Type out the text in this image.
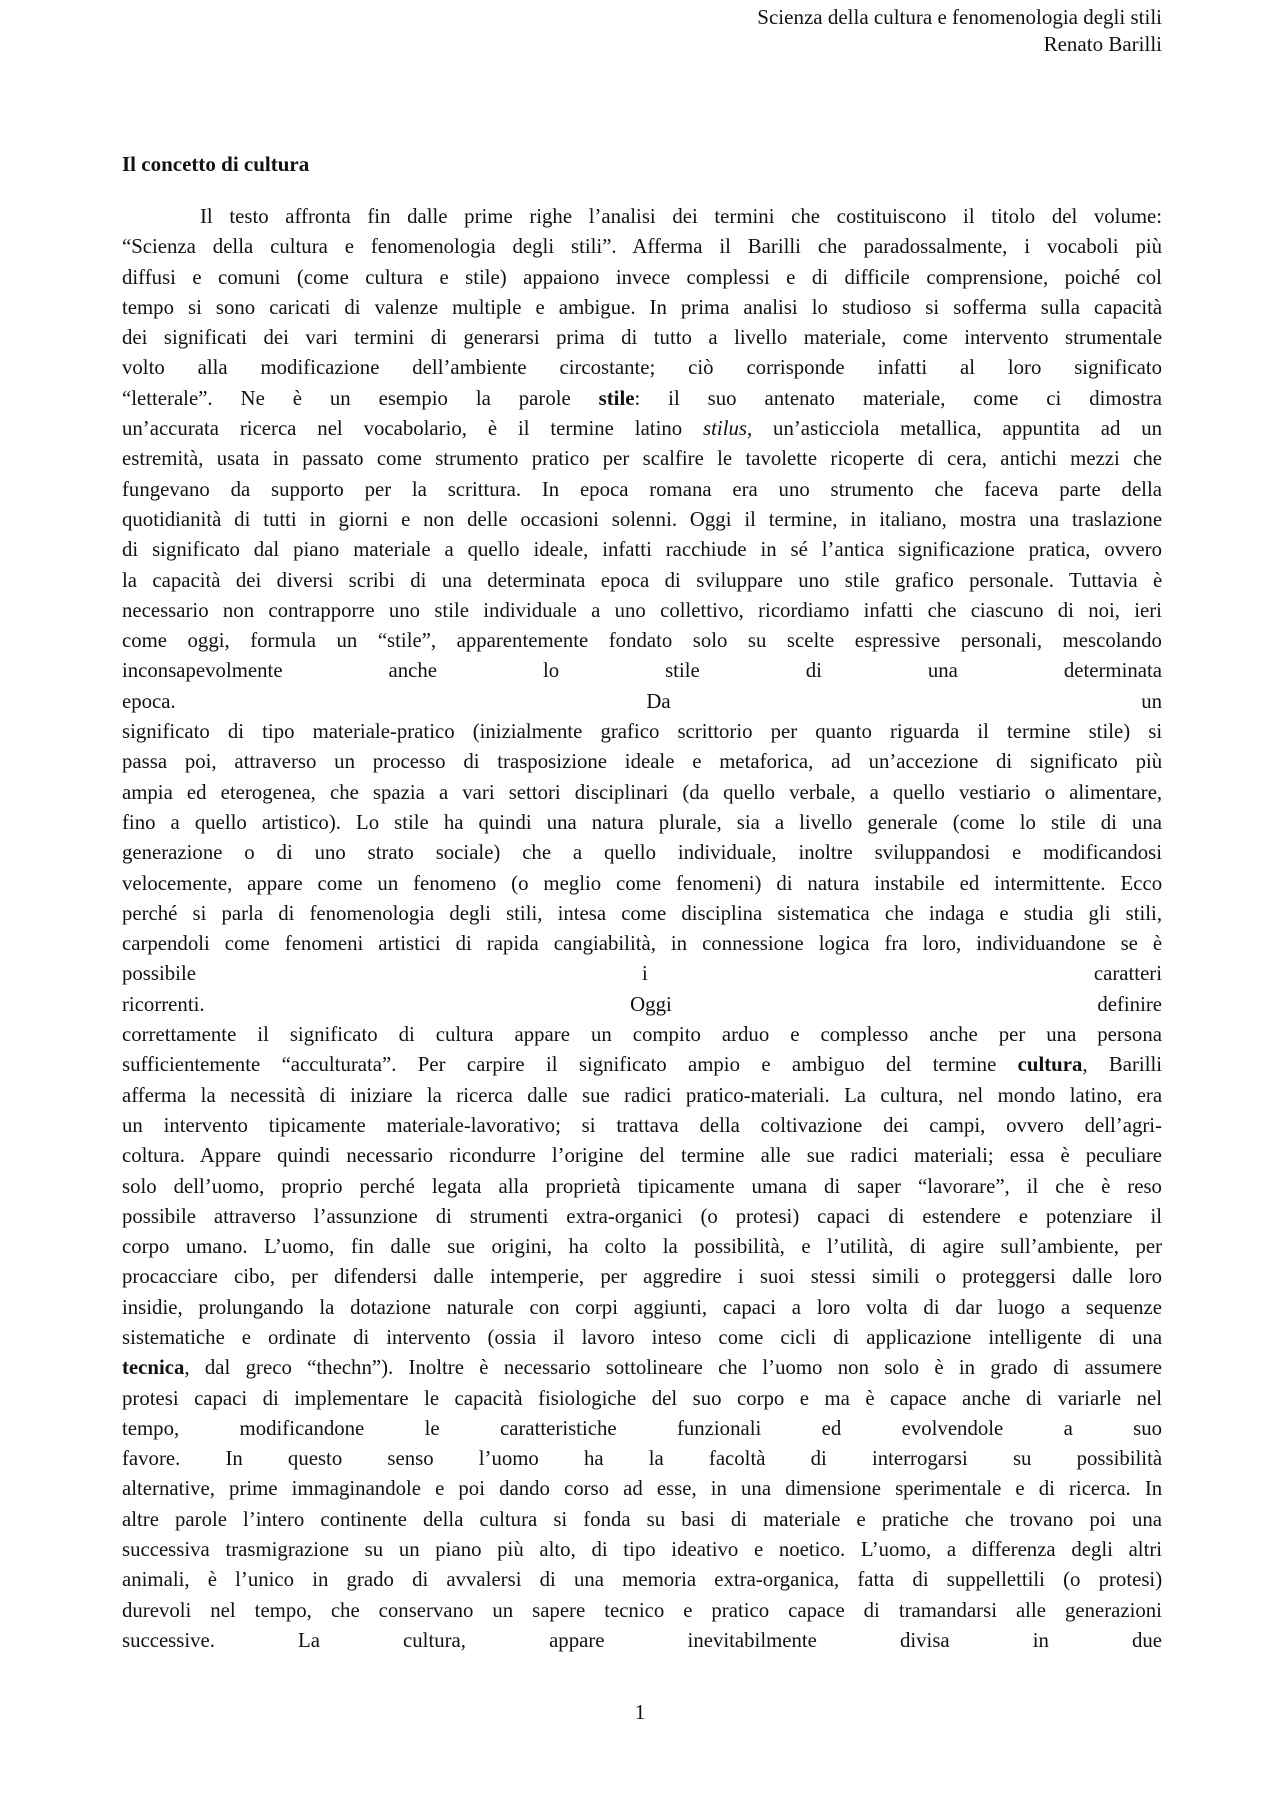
Scienza della cultura e fenomenologia degli stili
Renato Barilli
Il concetto di cultura
Il testo affronta fin dalle prime righe l’analisi dei termini che costituiscono il titolo del volume:
“Scienza della cultura e fenomenologia degli stili”. Afferma il Barilli che paradossalmente, i vocaboli più
diffusi e comuni (come cultura e stile) appaiono invece complessi e di difficile comprensione, poiché col
tempo si sono caricati di valenze multiple e ambigue. In prima analisi lo studioso si sofferma sulla capacità
dei significati dei vari termini di generarsi prima di tutto a livello materiale, come intervento strumentale
volto alla modificazione dell’ambiente circostante; ciò corrisponde infatti al loro significato
“letterale”. Ne è un esempio la parole stile: il suo antenato materiale, come ci dimostra
un’accurata ricerca nel vocabolario, è il termine latino stilus, un’asticciola metallica, appuntita ad un
estremità, usata in passato come strumento pratico per scalfire le tavolette ricoperte di cera, antichi mezzi che
fungevano da supporto per la scrittura. In epoca romana era uno strumento che faceva parte della
quotidianità di tutti in giorni e non delle occasioni solenni. Oggi il termine, in italiano, mostra una traslazione
di significato dal piano materiale a quello ideale, infatti racchiude in sé l’antica significazione pratica, ovvero
la capacità dei diversi scribi di una determinata epoca di sviluppare uno stile grafico personale. Tuttavia è
necessario non contrapporre uno stile individuale a uno collettivo, ricordiamo infatti che ciascuno di noi, ieri
come oggi, formula un “stile”, apparentemente fondato solo su scelte espressive personali, mescolando
inconsapevolmente	anche	lo	stile	di	una	determinata
epoca.	Da	un
significato di tipo materiale-pratico (inizialmente grafico scrittorio per quanto riguarda il termine stile) si
passa poi, attraverso un processo di trasposizione ideale e metaforica, ad un’accezione di significato più
ampia ed eterogenea, che spazia a vari settori disciplinari (da quello verbale, a quello vestiario o alimentare,
fino a quello artistico). Lo stile ha quindi una natura plurale, sia a livello generale (come lo stile di una
generazione o di uno strato sociale) che a quello individuale, inoltre sviluppandosi e modificandosi
velocemente, appare come un fenomeno (o meglio come fenomeni) di natura instabile ed intermittente. Ecco
perché si parla di fenomenologia degli stili, intesa come disciplina sistematica che indaga e studia gli stili,
carpendoli come fenomeni artistici di rapida cangiabilità, in connessione logica fra loro, individuandone se è
possibile	i	caratteri
ricorrenti.	Oggi	definire
correttamente il significato di cultura appare un compito arduo e complesso anche per una persona
sufficientemente “acculturata”. Per carpire il significato ampio e ambiguo del termine cultura, Barilli
afferma la necessità di iniziare la ricerca dalle sue radici pratico-materiali. La cultura, nel mondo latino, era
un intervento tipicamente materiale-lavorativo; si trattava della coltivazione dei campi, ovvero dell’agri-
coltura. Appare quindi necessario ricondurre l’origine del termine alle sue radici materiali; essa è peculiare
solo dell’uomo, proprio perché legata alla proprietà tipicamente umana di saper “lavorare”, il che è reso
possibile attraverso l’assunzione di strumenti extra-organici (o protesi) capaci di estendere e potenziare il
corpo umano. L’uomo, fin dalle sue origini, ha colto la possibilità, e l’utilità, di agire sull’ambiente, per
procacciare cibo, per difendersi dalle intemperie, per aggredire i suoi stessi simili o proteggersi dalle loro
insidie, prolungando la dotazione naturale con corpi aggiunti, capaci a loro volta di dar luogo a sequenze
sistematiche e ordinate di intervento (ossia il lavoro inteso come cicli di applicazione intelligente di una
tecnica, dal greco “thechn”). Inoltre è necessario sottolineare che l’uomo non solo è in grado di assumere
protesi capaci di implementare le capacità fisiologiche del suo corpo e ma è capace anche di variarle nel
tempo,	modificandone	le	caratteristiche	funzionali	ed	evolvendole	a	suo
favore. In questo senso l’uomo ha la facoltà di interrogarsi su possibilità
alternative, prime immaginandole e poi dando corso ad esse, in una dimensione sperimentale e di ricerca. In
altre parole l’intero continente della cultura si fonda su basi di materiale e pratiche che trovano poi una
successiva trasmigrazione su un piano più alto, di tipo ideativo e noetico. L’uomo, a differenza degli altri
animali, è l’unico in grado di avvalersi di una memoria extra-organica, fatta di suppellettili (o protesi)
durevoli nel tempo, che conservano un sapere tecnico e pratico capace di tramandarsi alle generazioni
successive.	La	cultura,	appare	inevitabilmente	divisa	in	due
1
